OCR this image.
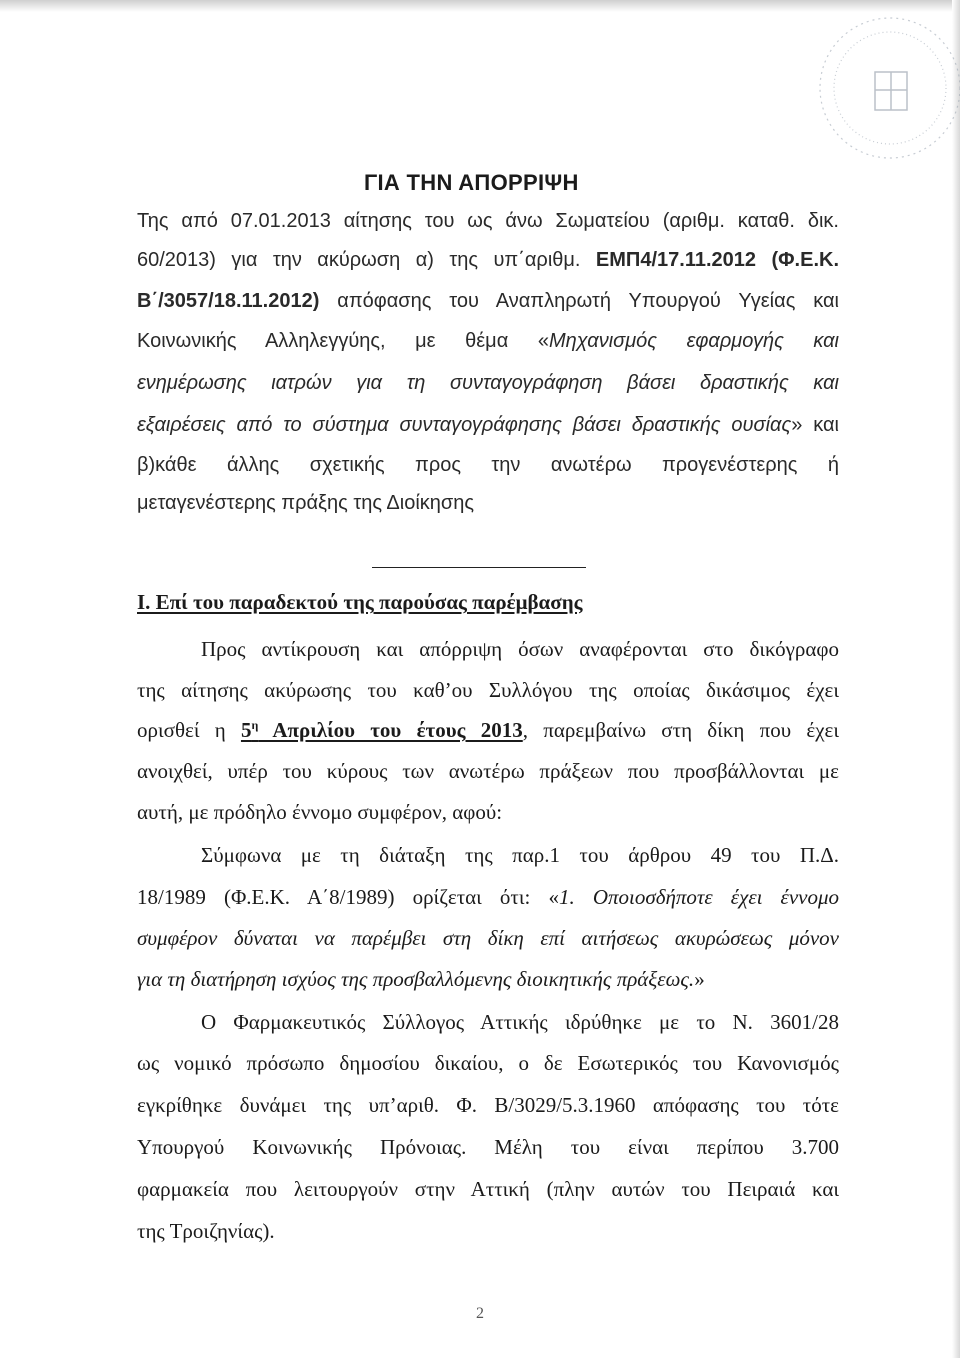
ΓΙΑ ΤΗΝ ΑΠΟΡΡΙΨΗ
Της από 07.01.2013 αίτησης του ως άνω Σωματείου (αριθμ. καταθ. δικ.
60/2013) για την ακύρωση α) της υπ΄αριθμ. ΕΜΠ4/17.11.2012 (Φ.Ε.Κ.
Β΄/3057/18.11.2012) απόφασης του Αναπληρωτή Υπουργού Υγείας και
Κοινωνικής Αλληλεγγύης, με θέμα «Μηχανισμός εφαρμογής και
ενημέρωσης ιατρών για τη συνταγογράφηση βάσει δραστικής και
εξαιρέσεις από το σύστημα συνταγογράφησης βάσει δραστικής ουσίας» και
β)κάθε άλλης σχετικής προς την ανωτέρω προγενέστερης ή
μεταγενέστερης πράξης της Διοίκησης
Ι. Επί του παραδεκτού της παρούσας παρέμβασης
Προς αντίκρουση και απόρριψη όσων αναφέρονται στο δικόγραφο
της αίτησης ακύρωσης του καθ’ου Συλλόγου της οποίας δικάσιμος έχει
ορισθεί η $5^\eta$ Απριλίου του έτους 2013, παρεμβαίνω στη δίκη που έχει
ανοιχθεί, υπέρ του κύρους των ανωτέρω πράξεων που προσβάλλονται με
αυτή, με πρόδηλο έννομο συμφέρον, αφού:
Σύμφωνα με τη διάταξη της παρ.1 του άρθρου 49 του Π.Δ.
18/1989 (Φ.Ε.Κ. Α΄8/1989) ορίζεται ότι: «1. Οποιοσδήποτε έχει έννομο
συμφέρον δύναται να παρέμβει στη δίκη επί αιτήσεως ακυρώσεως μόνον
για τη διατήρηση ισχύος της προσβαλλόμενης διοικητικής πράξεως.»
Ο Φαρμακευτικός Σύλλογος Αττικής ιδρύθηκε με το Ν. 3601/28
ως νομικό πρόσωπο δημοσίου δικαίου, ο δε Εσωτερικός του Κανονισμός
εγκρίθηκε δυνάμει της υπ’αριθ. Φ. Β/3029/5.3.1960 απόφασης του τότε
Υπουργού Κοινωνικής Πρόνοιας. Μέλη του είναι περίπου 3.700
φαρμακεία που λειτουργούν στην Αττική (πλην αυτών του Πειραιά και
της Τροιζηνίας).
2
